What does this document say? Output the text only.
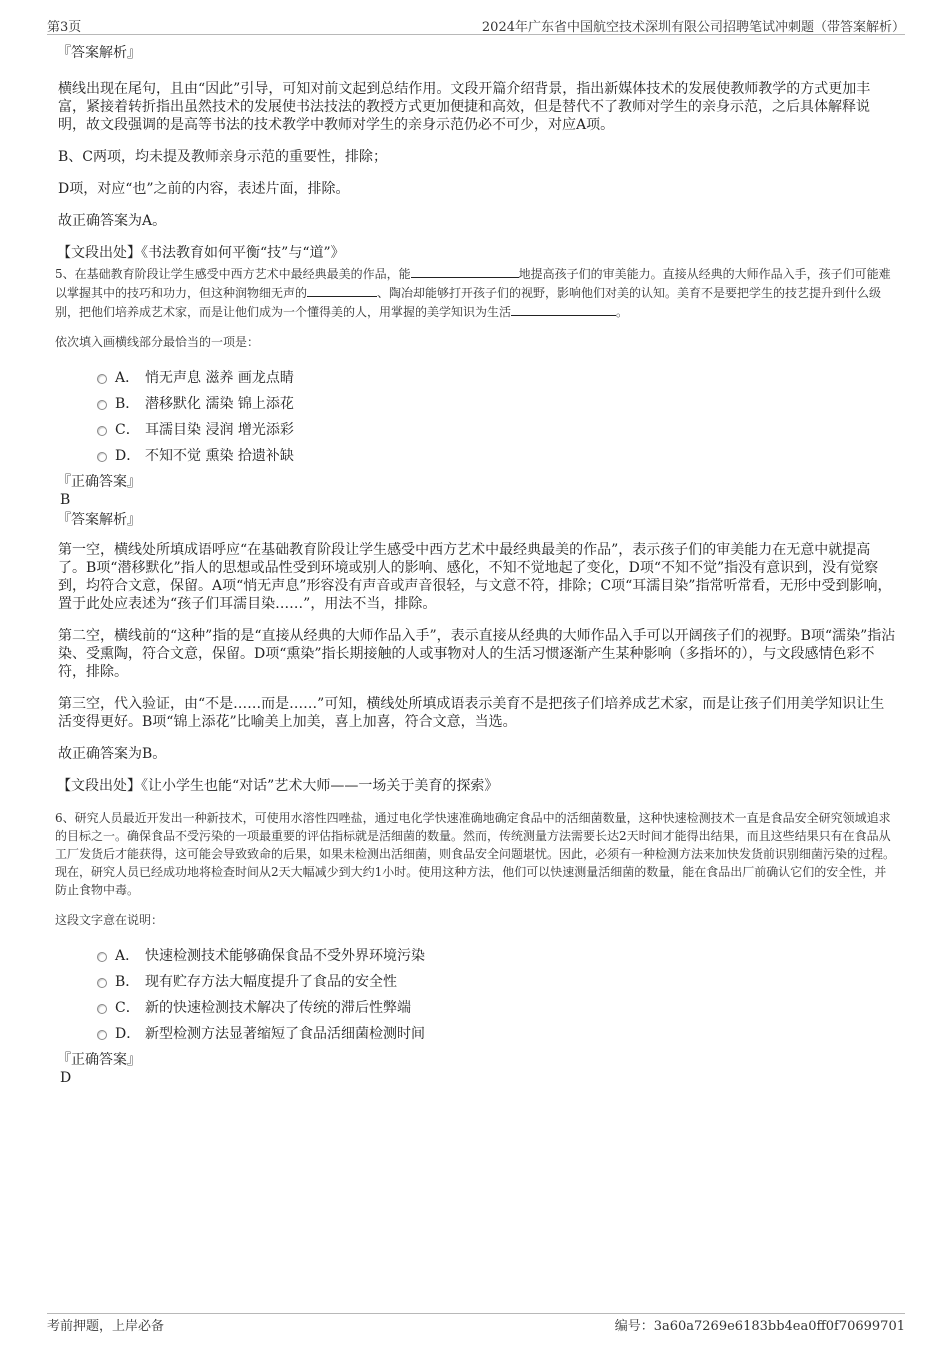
第3页	2024年广东省中国航空技术深圳有限公司招聘笔试冲刺题（带答案解析）
『答案解析』

横线出现在尾句，且由“因此”引导，可知对前文起到总结作用。文段开篇介绍背景，指出新媒体技术的发展使教师教学的方式更加丰富，紧接着转折指出虽然技术的发展使书法技法的教授方式更加便捷和高效，但是替代不了教师对学生的亲身示范，之后具体解释说明，故文段强调的是高等书法的技术教学中教师对学生的亲身示范仍必不可少，对应A项。

B、C两项，均未提及教师亲身示范的重要性，排除；

D项，对应“也”之前的内容，表述片面，排除。

故正确答案为A。

【文段出处】《书法教育如何平衡“技”与“道”》

5、在基础教育阶段让学生感受中西方艺术中最经典最美的作品，能	地提高孩子们的审美能力。直接从经典的大师作品入手，孩子们可能难以掌握其中的技巧和功力，但这种润物细无声的	、陶冶却能够打开孩子们的视野，影响他们对美的认知。美育不是要把学生的技艺提升到什么级别，把他们培养成艺术家，而是让他们成为一个懂得美的人，用掌握的美学知识为生活	。

依次填入画横线部分最恰当的一项是：

A． 悄无声息 滋养 画龙点睛
B． 潜移默化 濡染 锦上添花
C． 耳濡目染 浸润 增光添彩
D． 不知不觉 熏染 拾遗补缺
『正确答案』
B
『答案解析』

第一空，横线处所填成语呼应“在基础教育阶段让学生感受中西方艺术中最经典最美的作品”，表示孩子们的审美能力在无意中就提高了。B项“潜移默化”指人的思想或品性受到环境或别人的影响、感化，不知不觉地起了变化，D项“不知不觉”指没有意识到，没有觉察到，均符合文意，保留。A项“悄无声息”形容没有声音或声音很轻，与文意不符，排除；C项“耳濡目染”指常听常看，无形中受到影响，置于此处应表述为“孩子们耳濡目染……”，用法不当，排除。

第二空，横线前的“这种”指的是“直接从经典的大师作品入手”，表示直接从经典的大师作品入手可以开阔孩子们的视野。B项“濡染”指沾染、受熏陶，符合文意，保留。D项“熏染”指长期接触的人或事物对人的生活习惯逐渐产生某种影响（多指坏的），与文段感情色彩不符，排除。

第三空，代入验证，由“不是……而是……”可知，横线处所填成语表示美育不是把孩子们培养成艺术家，而是让孩子们用美学知识让生活变得更好。B项“锦上添花”比喻美上加美，喜上加喜，符合文意，当选。

故正确答案为B。

【文段出处】《让小学生也能“对话”艺术大师——一场关于美育的探索》

6、研究人员最近开发出一种新技术，可使用水溶性四唑盐，通过电化学快速准确地确定食品中的活细菌数量，这种快速检测技术一直是食品安全研究领域追求的目标之一。确保食品不受污染的一项最重要的评估指标就是活细菌的数量。然而，传统测量方法需要长达2天时间才能得出结果，而且这些结果只有在食品从工厂发货后才能获得，这可能会导致致命的后果，如果未检测出活细菌，则食品安全问题堪忧。因此，必须有一种检测方法来加快发货前识别细菌污染的过程。现在，研究人员已经成功地将检查时间从2天大幅减少到大约1小时。使用这种方法，他们可以快速测量活细菌的数量，能在食品出厂前确认它们的安全性，并防止食物中毒。

这段文字意在说明：

A． 快速检测技术能够确保食品不受外界环境污染
B． 现有贮存方法大幅度提升了食品的安全性
C． 新的快速检测技术解决了传统的滞后性弊端
D． 新型检测方法显著缩短了食品活细菌检测时间
『正确答案』
D
考前押题，上岸必备	编号：3a60a7269e6183bb4ea0ff0f70699701
